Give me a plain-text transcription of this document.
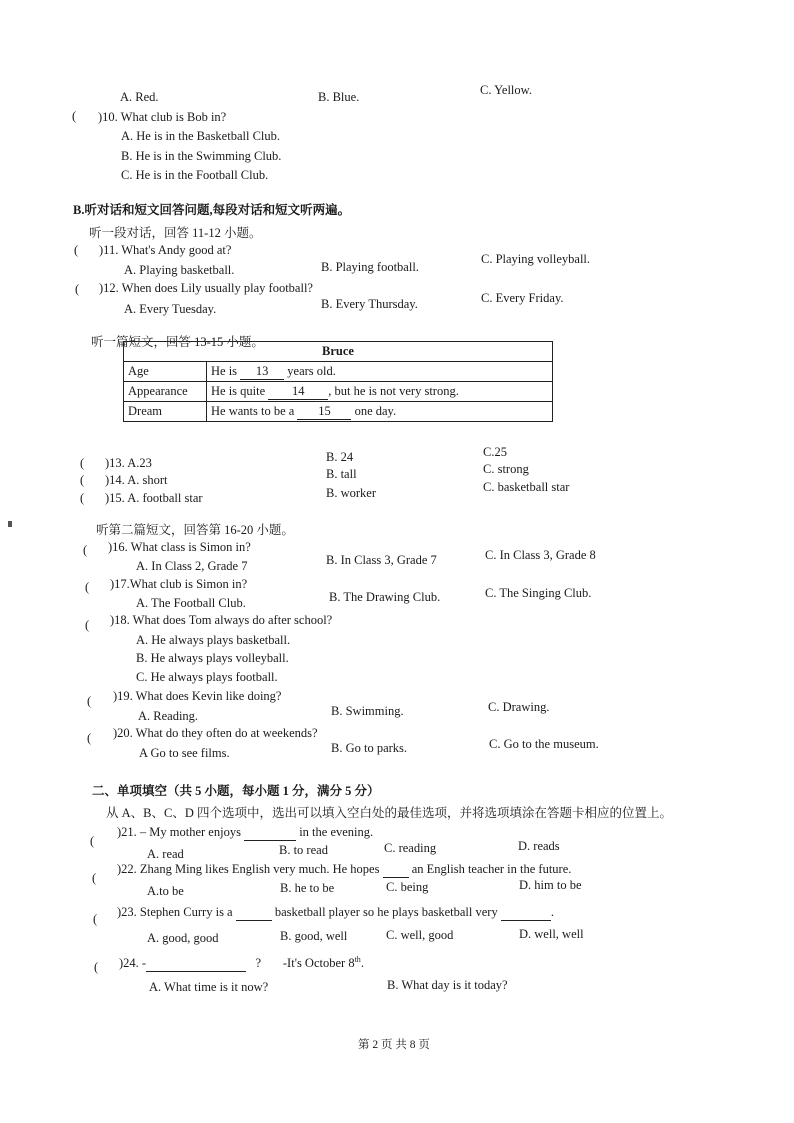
A. Red.	B. Blue.	C. Yellow.
( )10. What club is Bob in?
A. He is in the Basketball Club.
B. He is in the Swimming Club.
C. He is in the Football Club.
B.听对话和短文回答问题,每段对话和短文听两遍。
听一段对话，回答 11-12 小题。
( )11. What's Andy good at?
A. Playing basketball.	B. Playing football.
C. Playing volleyball.
( )12. When does Lily usually play football?
A. Every Tuesday.	B. Every Thursday.	C. Every Friday.
听一篇短文，回答 13-15 小题。
Bruce	
Age	He is 13 years old.
Appearance	He is quite 14 , but he is not very strong.
Dream	He wants to be a 15 one day.
( )13. A.23	B. 24	C.25
( )14. A. short	B. tall	C. strong
( )15. A. football star	B. worker	C. basketball star
听第二篇短文，回答第 16-20 小题。
( )16. What class is Simon in?
A. In Class 2, Grade 7	B. In Class 3, Grade 7	C. In Class 3, Grade 8
( )17.What club is Simon in?
A. The Football Club.	B. The Drawing Club.	C. The Singing Club.
( )18. What does Tom always do after school?
A. He always plays basketball.
B. He always plays volleyball.
C. He always plays football.
( )19. What does Kevin like doing?
A. Reading.	B. Swimming.	C. Drawing.
( )20. What do they often do at weekends?
A Go to see films.	B. Go to parks.	C. Go to the museum.
二、单项填空（共 5 小题，每小题 1 分，满分 5 分）
从 A、B、C、D 四个选项中，选出可以填入空白处的最佳选项，并将选项填涂在答题卡相应的位置上。
(
)21. – My mother enjoys	in the evening.
A. read	B. to read	C. reading	D. reads
(
)22. Zhang Ming likes English very much. He hopes	an English teacher in the future.
A.to be	B. he to be	C. being	D. him to be
( )23. Stephen Curry is a	basketball player so he plays basketball very	.
A. good, good	B. good, well	C. well, good	D. well, well
( )24. -	? -It's October 8th.
A. What time is it now?	B. What day is it today?
第 2 页 共 8 页
